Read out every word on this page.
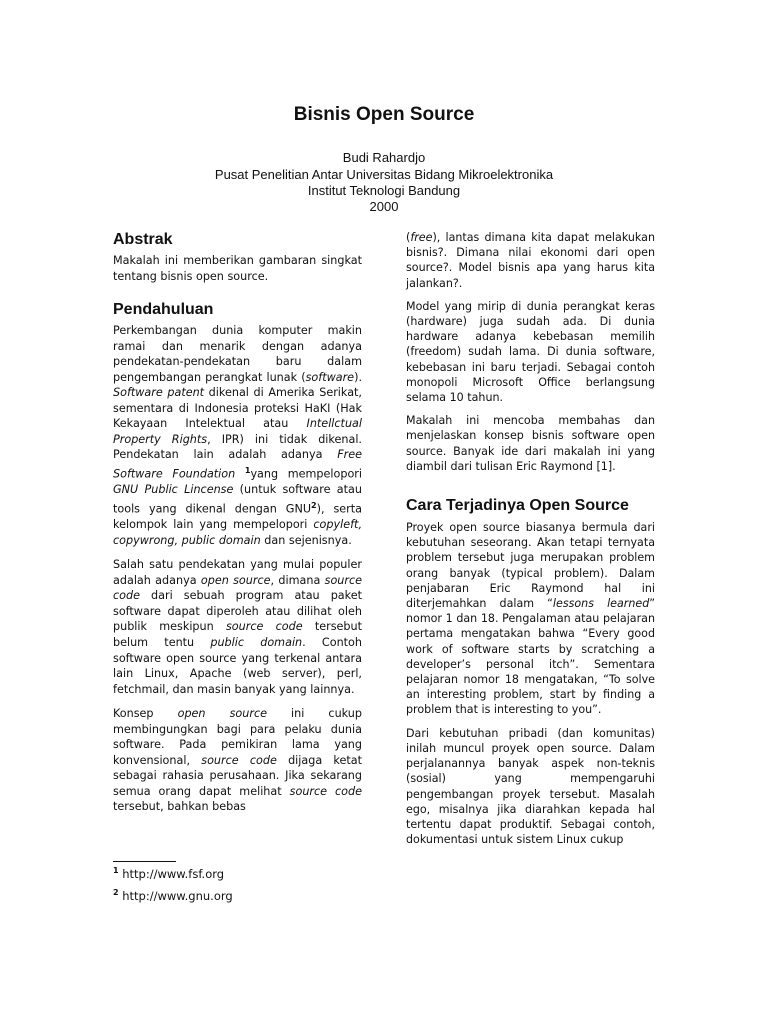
Bisnis Open Source
Budi Rahardjo
Pusat Penelitian Antar Universitas Bidang Mikroelektronika
Institut Teknologi Bandung
2000
Abstrak

Makalah ini memberikan gambaran singkat tentang bisnis open source.

Pendahuluan

Perkembangan dunia komputer makin ramai dan menarik dengan adanya pendekatan-pendekatan baru dalam pengembangan perangkat lunak (software). Software patent dikenal di Amerika Serikat, sementara di Indonesia proteksi HaKI (Hak Kekayaan Intelektual atau Intellctual Property Rights, IPR) ini tidak dikenal. Pendekatan lain adalah adanya Free Software Foundation $^1$yang mempelopori GNU Public Lincense (untuk software atau tools yang dikenal dengan GNU$^2$), serta kelompok lain yang mempelopori copyleft, copywrong, public domain dan sejenisnya.

Salah satu pendekatan yang mulai populer adalah adanya open source, dimana source code dari sebuah program atau paket software dapat diperoleh atau dilihat oleh publik meskipun source code tersebut belum tentu public domain. Contoh software open source yang terkenal antara lain Linux, Apache (web server), perl, fetchmail, dan masin banyak yang lainnya.

Konsep open source ini cukup membingungkan bagi para pelaku dunia software. Pada pemikiran lama yang konvensional, source code dijaga ketat sebagai rahasia perusahaan. Jika sekarang semua orang dapat melihat source code tersebut, bahkan bebas

$^1$ http://www.fsf.org
$^2$ http://www.gnu.org

(free), lantas dimana kita dapat melakukan bisnis?. Dimana nilai ekonomi dari open source?. Model bisnis apa yang harus kita jalankan?.

Model yang mirip di dunia perangkat keras (hardware) juga sudah ada. Di dunia hardware adanya kebebasan memilih (freedom) sudah lama. Di dunia software, kebebasan ini baru terjadi. Sebagai contoh monopoli Microsoft Office berlangsung selama 10 tahun.

Makalah ini mencoba membahas dan menjelaskan konsep bisnis software open source. Banyak ide dari makalah ini yang diambil dari tulisan Eric Raymond [1].

Cara Terjadinya Open Source

Proyek open source biasanya bermula dari kebutuhan seseorang. Akan tetapi ternyata problem tersebut juga merupakan problem orang banyak (typical problem). Dalam penjabaran Eric Raymond hal ini diterjemahkan dalam “lessons learned” nomor 1 dan 18. Pengalaman atau pelajaran pertama mengatakan bahwa “Every good work of software starts by scratching a developer’s personal itch”. Sementara pelajaran nomor 18 mengatakan, “To solve an interesting problem, start by finding a problem that is interesting to you”.

Dari kebutuhan pribadi (dan komunitas) inilah muncul proyek open source. Dalam perjalanannya banyak aspek non-teknis (sosial) yang mempengaruhi pengembangan proyek tersebut. Masalah ego, misalnya jika diarahkan kepada hal tertentu dapat produktif. Sebagai contoh, dokumentasi untuk sistem Linux cukup
